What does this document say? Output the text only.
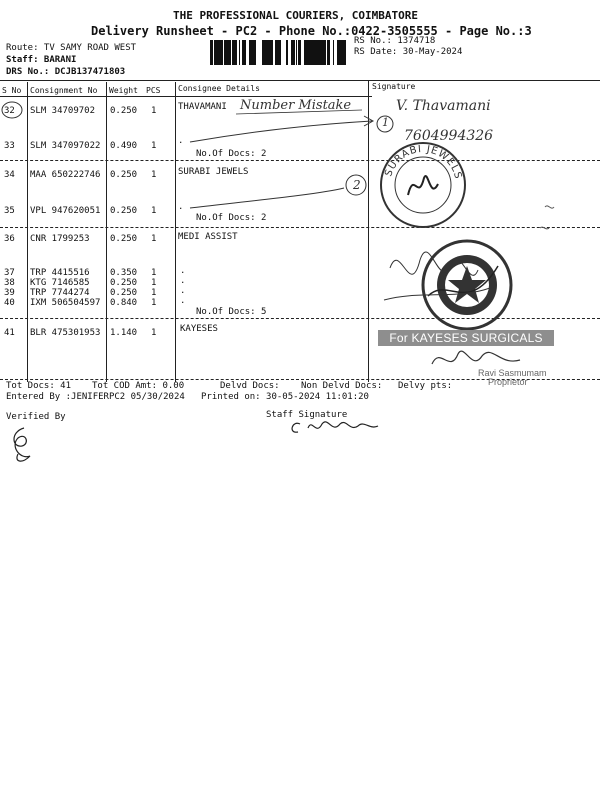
THE PROFESSIONAL COURIERS, COIMBATORE
Delivery Runsheet - PC2 - Phone No.:0422-3505555 - Page No.:3
Route: TV SAMY ROAD WEST
Staff: BARANI
DRS No.: DCJB137471803
RS No.: 1374718
RS Date: 30-May-2024
S No Consignment No Weight PCS Consignee Details	Signature
32 SLM 34709702 0.250 1 THAVAMANI
33 SLM 347097022 0.490 1 .
No.Of Docs: 2
34 MAA 650222746 0.250 1 SURABI JEWELS
35 VPL 947620051 0.250 1 .
No.Of Docs: 2
36 CNR 1799253 0.250 1 MEDI ASSIST
37 TRP 4415516 0.350 1	.
38 KTG 7146585 0.250 1	.
39 TRP 7744274 0.250 1	.
40 IXM 506504597 0.840 1	.
No.Of Docs: 5
41 BLR 475301953 1.140 1	KAYESES
Number Mistake	V. Thavamani
7604994326
1
2
SURABI JEWELS
For KAYESES SURGICALS
Ravi Sasmumam
Proprietor
Tot Docs: 41 Tot COD Amt: 0.00	Delvd Docs: Non Delvd Docs: Delvy pts:
Entered By :JENIFERPC2 05/30/2024 Printed on: 30-05-2024 11:01:20
Verified By	Staff Signature
